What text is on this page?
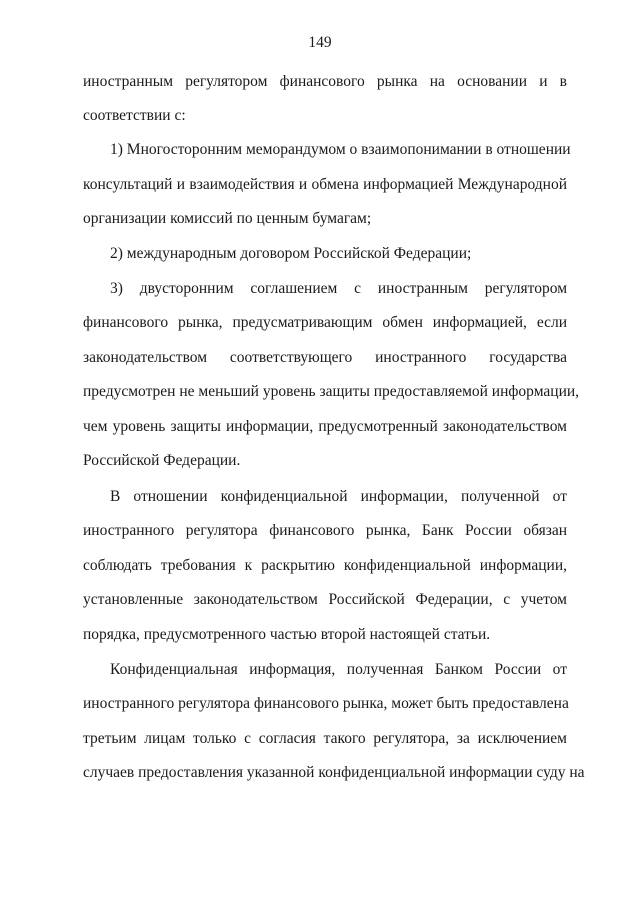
149
иностранным регулятором финансового рынка на основании и в
соответствии с:
1) Многосторонним меморандумом о взаимопонимании в отношении
консультаций и взаимодействия и обмена информацией Международной
организации комиссий по ценным бумагам;
2) международным договором Российской Федерации;
3) двусторонним соглашением с иностранным регулятором
финансового рынка, предусматривающим обмен информацией, если
законодательством соответствующего иностранного государства
предусмотрен не меньший уровень защиты предоставляемой информации,
чем уровень защиты информации, предусмотренный законодательством
Российской Федерации.
В отношении конфиденциальной информации, полученной от
иностранного регулятора финансового рынка, Банк России обязан
соблюдать требования к раскрытию конфиденциальной информации,
установленные законодательством Российской Федерации, с учетом
порядка, предусмотренного частью второй настоящей статьи.
Конфиденциальная информация, полученная Банком России от
иностранного регулятора финансового рынка, может быть предоставлена
третьим лицам только с согласия такого регулятора, за исключением
случаев предоставления указанной конфиденциальной информации суду на
